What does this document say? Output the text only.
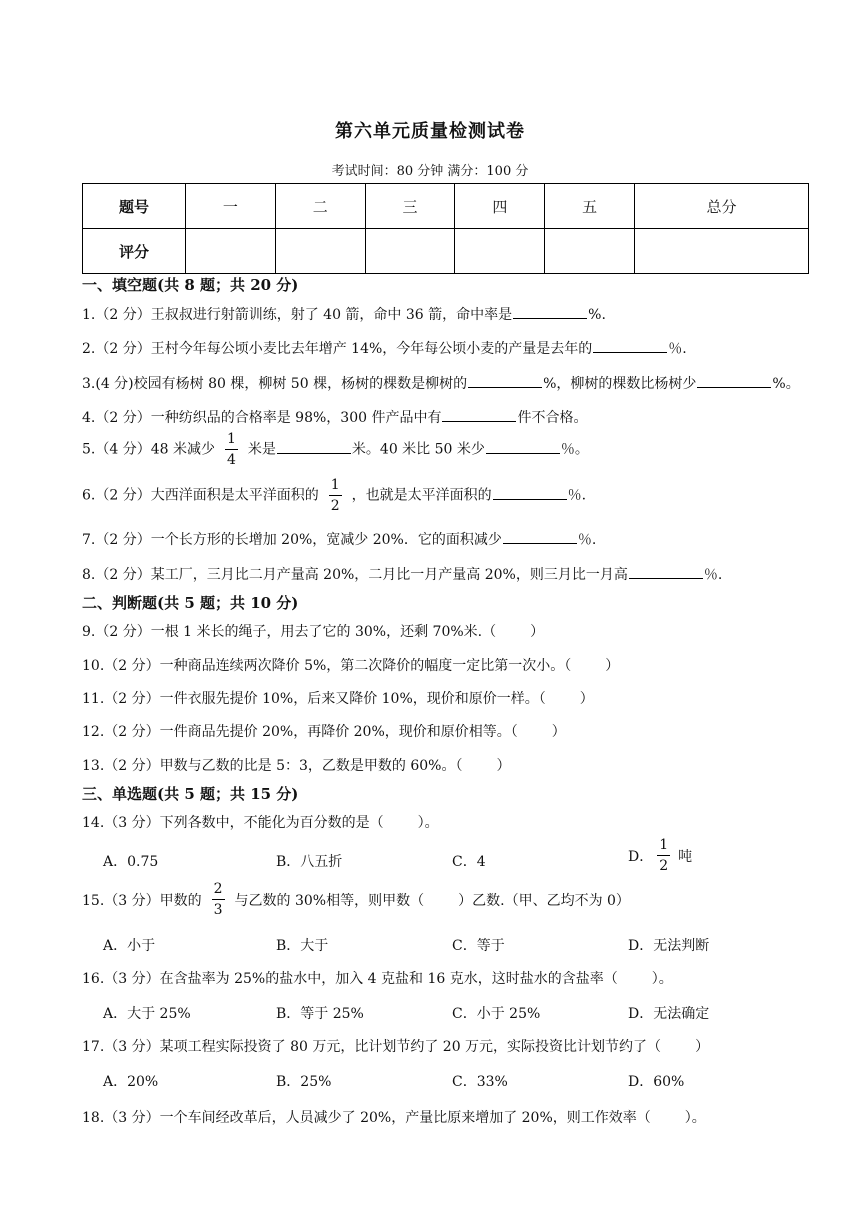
第六单元质量检测试卷
考试时间：80 分钟 满分：100 分
题号	一	二	三	四	五	总分
评分						
一、填空题(共 8 题；共 20 分)
1.（2 分）王叔叔进行射箭训练，射了 40 箭，命中 36 箭，命中率是	%.
2.（2 分）王村今年每公顷小麦比去年增产 14%，今年每公顷小麦的产量是去年的	％.
3.(4 分)校园有杨树 80 棵，柳树 50 棵，杨树的棵数是柳树的	%，柳树的棵数比杨树少	%。
4.（2 分）一种纺织品的合格率是 98%，300 件产品中有	件不合格。
5.（4 分）48 米减少 $\frac{1}{4}$ 米是	米。40 米比 50 米少	％。
6.（2 分）大西洋面积是太平洋面积的 $\frac{1}{2}$ ，也就是太平洋面积的	％.
7.（2 分）一个长方形的长增加 20%，宽减少 20%．它的面积减少	％.
8.（2 分）某工厂，三月比二月产量高 20%，二月比一月产量高 20%，则三月比一月高	％.
二、判断题(共 5 题；共 10 分)
9.（2 分）一根 1 米长的绳子，用去了它的 30%，还剩 70%米.（ ）
10.（2 分）一种商品连续两次降价 5%，第二次降价的幅度一定比第一次小。（ ）
11.（2 分）一件衣服先提价 10%，后来又降价 10%，现价和原价一样。（ ）
12.（2 分）一件商品先提价 20%，再降价 20%，现价和原价相等。（ ）
13.（2 分）甲数与乙数的比是 5：3，乙数是甲数的 60%。（ ）
三、单选题(共 5 题；共 15 分)
14.（3 分）下列各数中，不能化为百分数的是（ ）。
A．0.75	B．八五折	C．4	D． $\frac{1}{2}$ 吨
15.（3 分）甲数的 $\frac{2}{3}$ 与乙数的 30%相等，则甲数（ ）乙数.（甲、乙均不为 0）
A．小于	B．大于	C．等于	D．无法判断
16.（3 分）在含盐率为 25%的盐水中，加入 4 克盐和 16 克水，这时盐水的含盐率（ ）。
A．大于 25%	B．等于 25%	C．小于 25%	D．无法确定
17.（3 分）某项工程实际投资了 80 万元，比计划节约了 20 万元，实际投资比计划节约了（ ）
A．20%	B．25%	C．33%	D．60%
18.（3 分）一个车间经改革后，人员减少了 20%，产量比原来增加了 20%，则工作效率（ ）。
